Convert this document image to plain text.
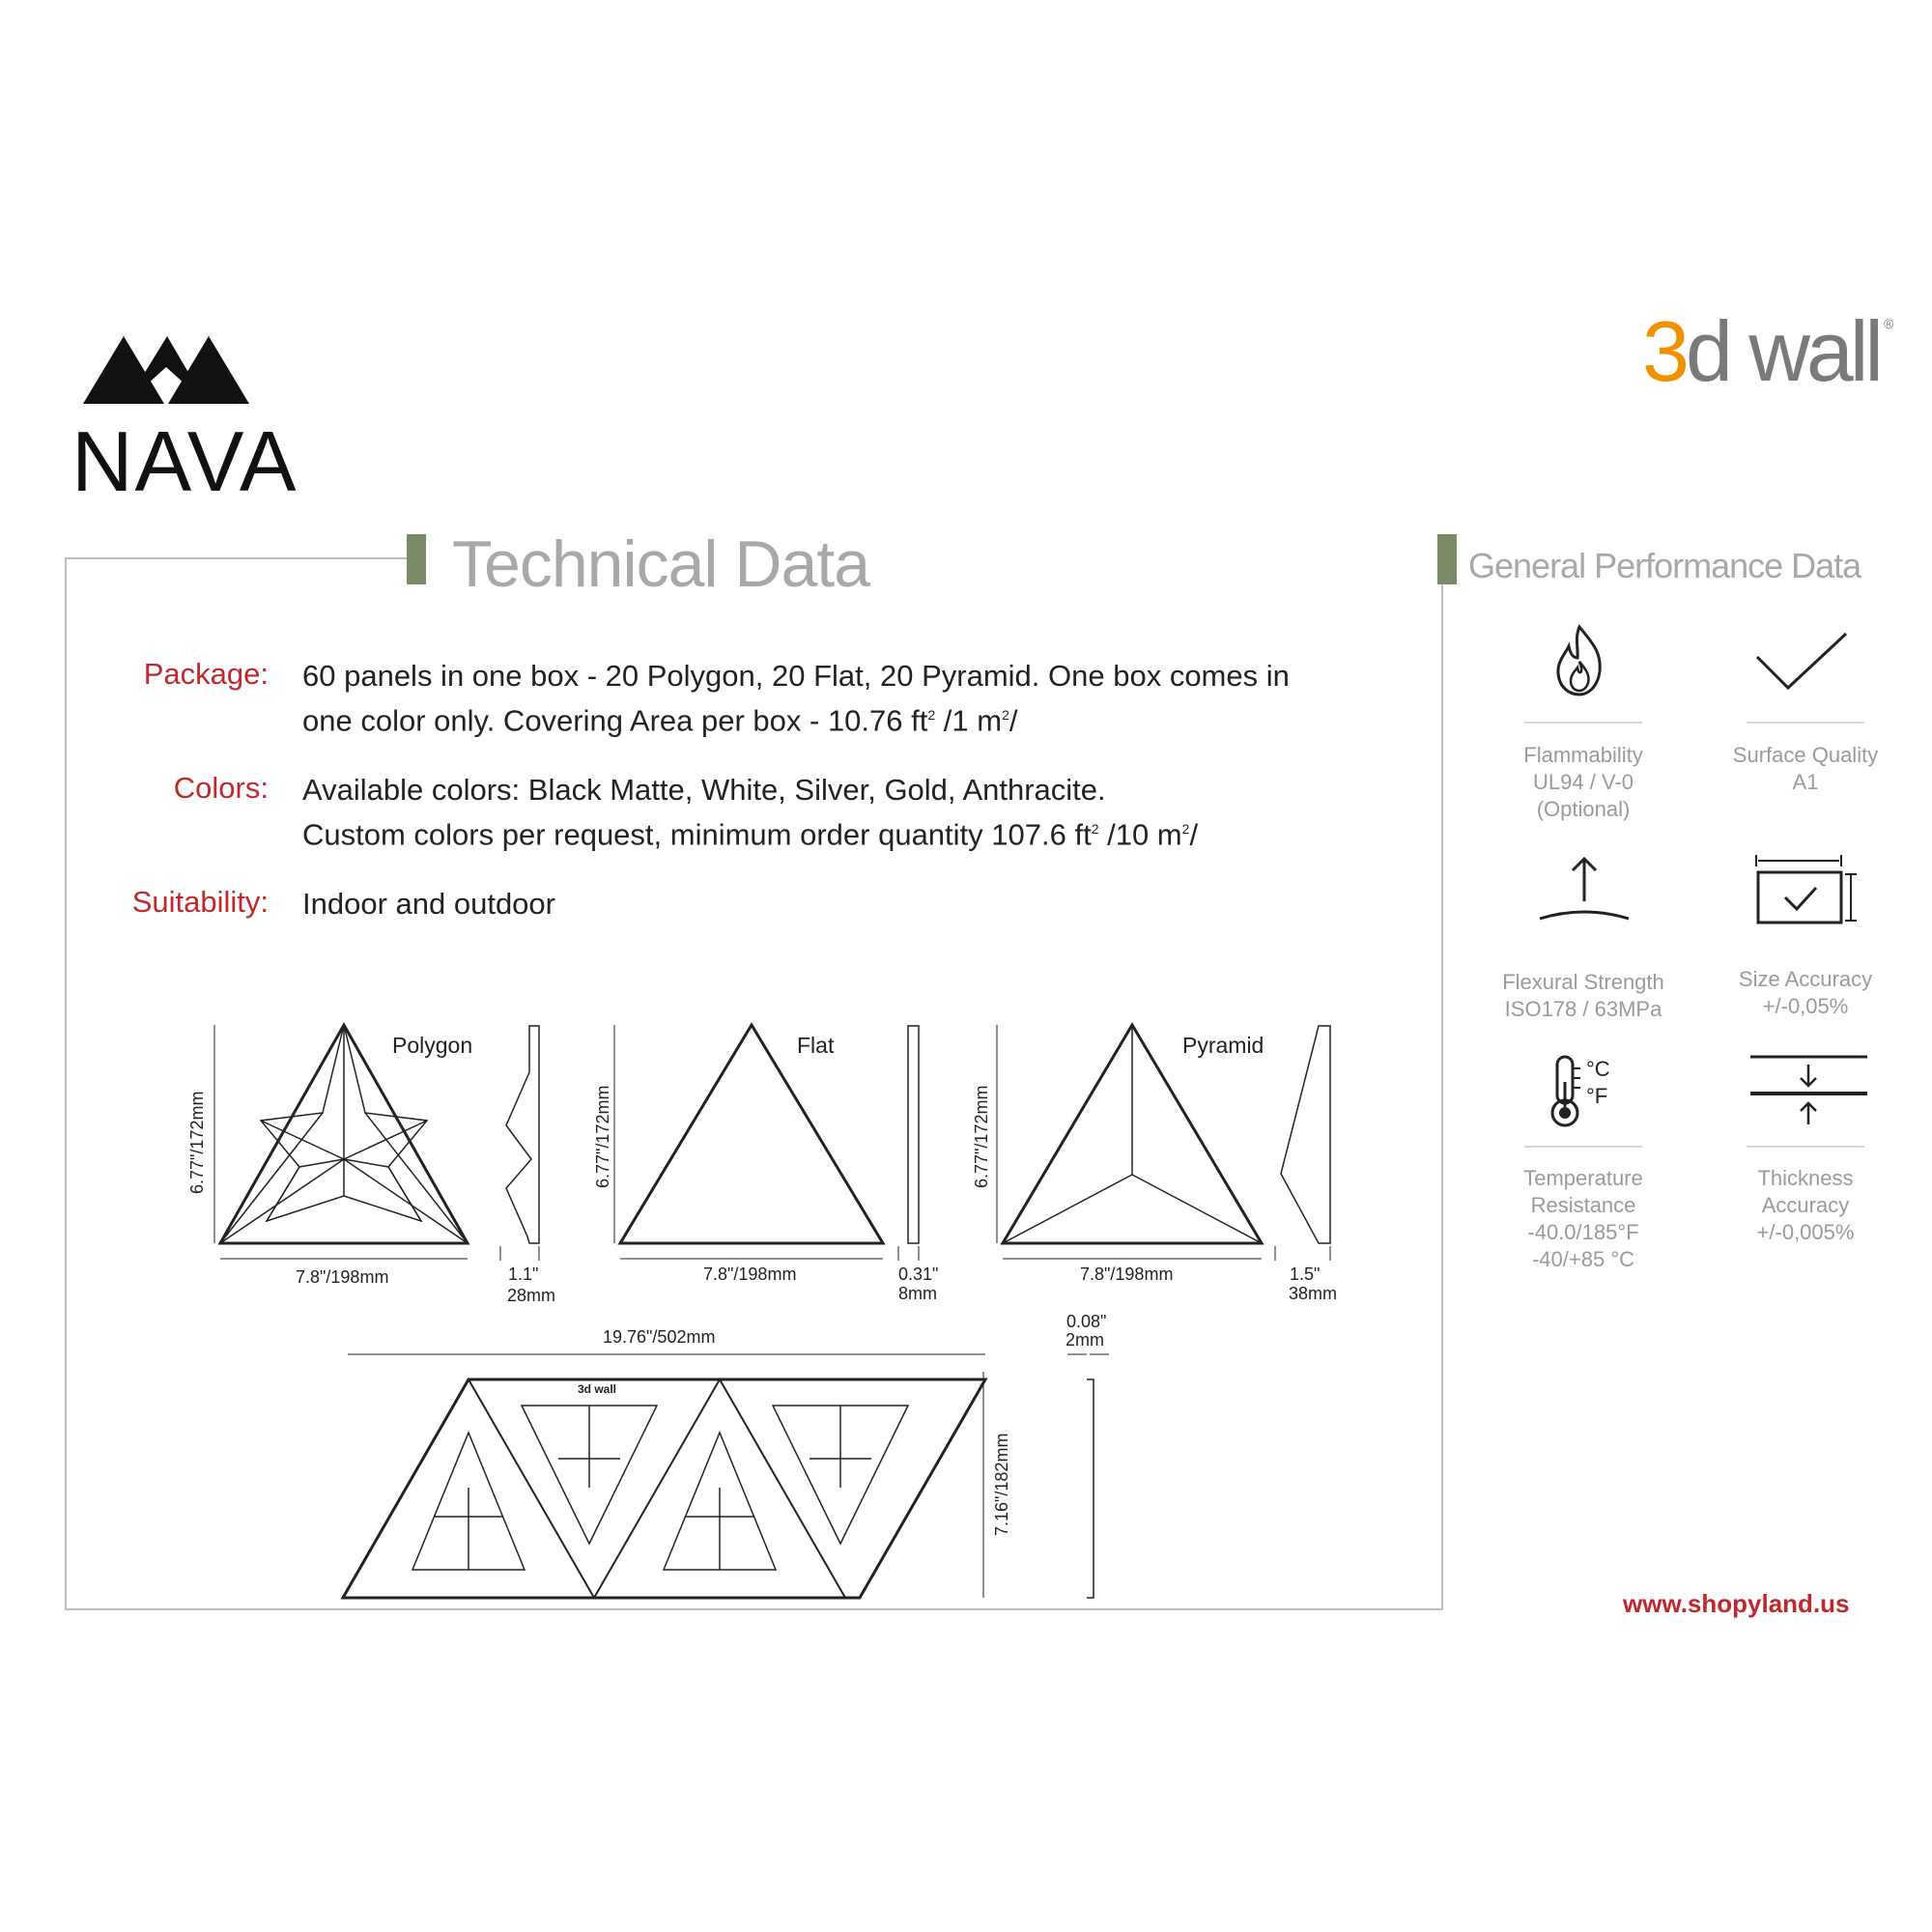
NAVA
3d wall ®
Technical Data	General Performance Data
Package: 60 panels in one box - 20 Polygon, 20 Flat, 20 Pyramid. One box comes in
one color only. Covering Area per box - 10.76 $ft^2$ /1 $m^2/$
Colors: Available colors: Black Matte, White, Silver, Gold, Anthracite.
Custom colors per request, minimum order quantity 107.6 $ft^2$ /10 $m^2/$
Suitability: Indoor and outdoor
Polygon	Flat	Pyramid
6.77"/172mm	6.77"/172mm	6.77"/172mm
7.8"/198mm	7.8"/198mm	7.8"/198mm
1.1"
28mm
0.31"
8mm
1.5"
38mm
19.76"/502mm
7.16"/182mm
0.08"
2mm
3d wall
°C
°F
Flammability
UL94 / V-0
(Optional)
Surface Quality
A1
Flexural Strength
ISO178 / 63MPa
Size Accuracy
+/-0,05%
Temperature
Resistance
-40.0/185°F
-40/+85 °C
Thickness
Accuracy
+/-0,005%
www.shopyland.us
